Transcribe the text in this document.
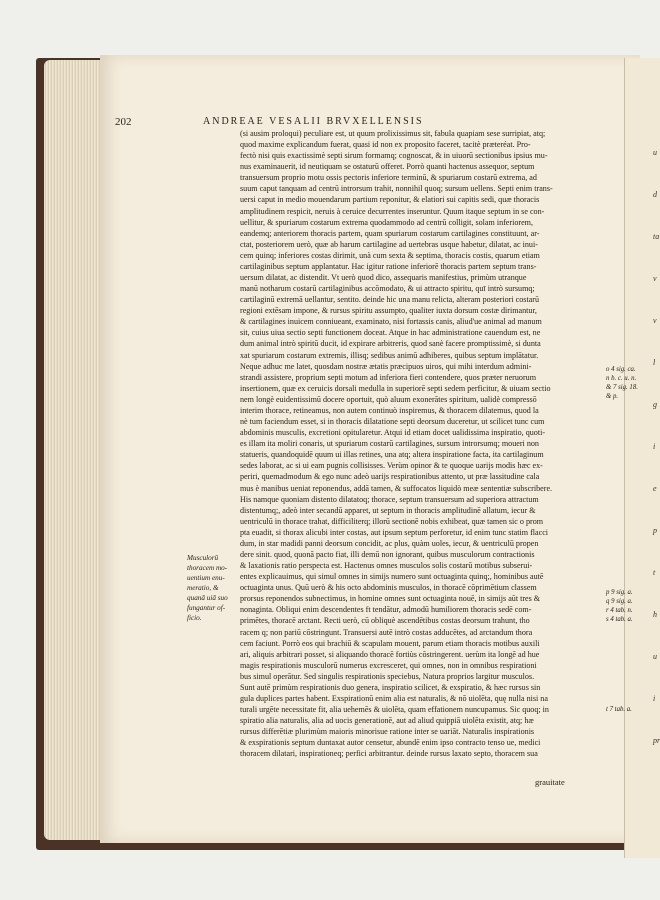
u
d
ta
v
v
l
g
i
e
p
t
h
u
i
pr
202	ANDREAE VESALII BRVXELLENSIS
(si ausim proloqui) peculiare est, ut quum prolixissimus sit, fabula quapiam sese surripiat, atq;
quod maxime explicandum fuerat, quasi id non ex proposito faceret, tacitè præteréat. Pro-
fectò nisi quis exactissimè septi sirum formamq; cognoscat, & in uiuorū sectionibus ipsius mu-
nus examinauerit, id neutiquam se ostaturū offeret. Porrò quanti hactenus assequor, septum
transuersum proprio motu ossis pectoris inferiore terminū, & spuriarum costarū extrema, ad
suum caput tanquam ad centrū introrsum trahit, nonnihil quoq; sursum uellens. Septi enim trans-
uersi caput in medio mouendarum partium reponitur, & elatiori sui capitis sedi, quæ thoracis
amplitudinem respicit, neruis à ceruice decurrentes inseruntur. Quum itaque septum in se con-
uellitur, & spuriarum costarum extrema quodammodo ad centrū colligit, solam inferiorem,
eandemq; anteriorem thoracis partem, quam spuriarum costarum cartilagines constituunt, ar-
ctat, posteriorem uerò, quæ ab harum cartilagine ad uertebras usque habetur, dilatat, ac inui-
cem quinq; inferiores costas dirimit, unà cum sexta & septima, thoracis costis, quarum etiam
cartilaginibus septum applantatur. Hac igitur ratione inferiorē thoracis partem septum trans-
uersum dilatat, ac distendit. Vt uerò quod dico, assequaris manifestius, primùm utranque
manū notharum costarū cartilaginibus accōmodato, & ui attracto spiritu, quī intrò sursumq;
cartilaginū extremā uellantur, sentito. deinde hic una manu relicta, alteram posteriori costarū
regioni extēsam impone, & rursus spiritu assumpto, qualiter iuxta dorsum costæ dirimantur,
& cartilagines inuicem conniueant, examinato, nisi fortassis canis, aliud'ue animal ad manum
sit, cuius uiua sectio septi functionem doceat. Atque in hac administratione cauendum est, ne
dum animal intrò spiritū ducit, id expirare arbitreris, quod sanè facere promptissimè, si dunta
xat spuriarum costarum extremis, illisq; sedibus animū adhiberes, quibus septum implātatur.
Neque adhuc me latet, quosdam nostræ ætatis præcipuos uiros, qui mihi interdum admini-
strandi assistere, proprium septi motum ad inferiora fieri contendere, quos præter neruorum
insertionem, quæ ex ceruicis dorsali medulla in superiorē septi sedem perficitur, & uiuam sectio
nem longè euidentissimū docere oportuit, quò aluum exonerātes spiritum, ualidè compressō
interim thorace, retineamus, non autem continuò inspiremus, & thoracem dilatemus, quod la
nè tum faciendum esset, si in thoracis dilatatione septi deorsum duceretur, ut scilicet tunc cum
abdominis musculis, excretioni opitularetur. Atqui id etiam docet ualidissima inspiratio, quoti-
es illam ita moliri conaris, ut spuriarum costarū cartilagines, sursum introrsumq; moueri non
statueris, quandoquidē quum ui illas retines, una atq; altera inspiratione facta, ita cartilaginum
sedes laborat, ac si ui eam pugnis collisisses. Verùm opinor & te quoque uarijs modis hæc ex-
periri, quemadmodum & ego nunc adeò uarijs respirationibus attento, ut præ lassitudine cala
mus è manibus ueniat reponendus, addā tamen, & suffocatos liquidò meæ sententiæ subscribere.
His namque quoniam distento dilatatoq; thorace, septum transuersum ad superiora attractum
distentumq;, adeò inter secandū apparet, ut septum in thoracis amplitudinē allatum, iecur &
uentriculū in thorace trahat, difficiliterq; illorū sectionē nobis exhibeat, quæ tamen sic o prom
pta euadit, si thorax alicubi inter costas, aut ipsum septum perforetur, id enim tunc statim flacci
dum, in star madidi panni deorsum concidit, ac plus, quàm uoles, iecur, & uentriculū propen
dere sinit. quod, quonā pacto fiat, illi demū non ignorant, quibus musculorum contractionis
& laxationis ratio perspecta est. Hactenus omnes musculos solis costarū motibus subserui-
entes explicauimus, qui simul omnes in simijs numero sunt octuaginta quinq;, hominibus autē
octuaginta unus. Quū uerò & his octo abdominis musculos, in thoracē cōprimētium classem
prorsus reponendos subnectimus, in homine omnes sunt octuaginta nouē, in simijs aūt tres &
nonaginta. Obliqui enim descendentes ft tendātur, admodū humiliorem thoracis sedē com-
primētes, thoracē arctant. Recti uerò, cū obliquè ascendētibus costas deorsum trahunt, tho
racem q; non pariū cōstringunt. Transuersi autē intrò costas adducētes, ad arctandum thora
cem faciunt. Porrò eos qui brachiū & scapulam mouent, parum etiam thoracis motibus auxili
ari, aliquis arbitrari posset, si aliquando thoracē fortiùs cōstringerent. uerùm ita longē ad hue
magis respirationis musculorū numerus excresceret, qui omnes, non in omnibus respirationi
bus simul operātur. Sed singulis respirationis speciebus, Natura proprios largitur musculos.
Sunt autē primùm respirationis duo genera, inspiratio scilicet, & exspiratio, & hæc rursus sin
gula duplices partes habent. Exspirationū enim alia est naturalis, & nō uiolēta, quę nulla nisi na
turali urgēte necessitate fit, alia uehemēs & uiolēta, quam effationem nuncupamus. Sic quoq; in
spiratio alia naturalis, alia ad uocis generationē, aut ad aliud quippiā uiolēta existit, atq; hæ
rursus differētiæ plurimùm maioris minorisue ratione inter se uariāt. Naturalis inspirationis
& exspirationis septum duntaxat autor censetur, abundē enim ipso contracto tenso ue, medici
thoracem dilatari, inspirationeq; perfici arbitrantur. deinde rursus laxato septo, thoracem sua
Musculorū
thoracem mo-
uentium enu-
meratio, &
quanā uiā suo
fungantur of-
ficio.
o 4 sig. ca.
n b. c. u. n.
& 7 sig. 18.
& p.
p 9 sig. a.
q 9 sig. a.
r 4 tab. n.
s 4 tab. a.
t 7 tab. a.
grauitate
